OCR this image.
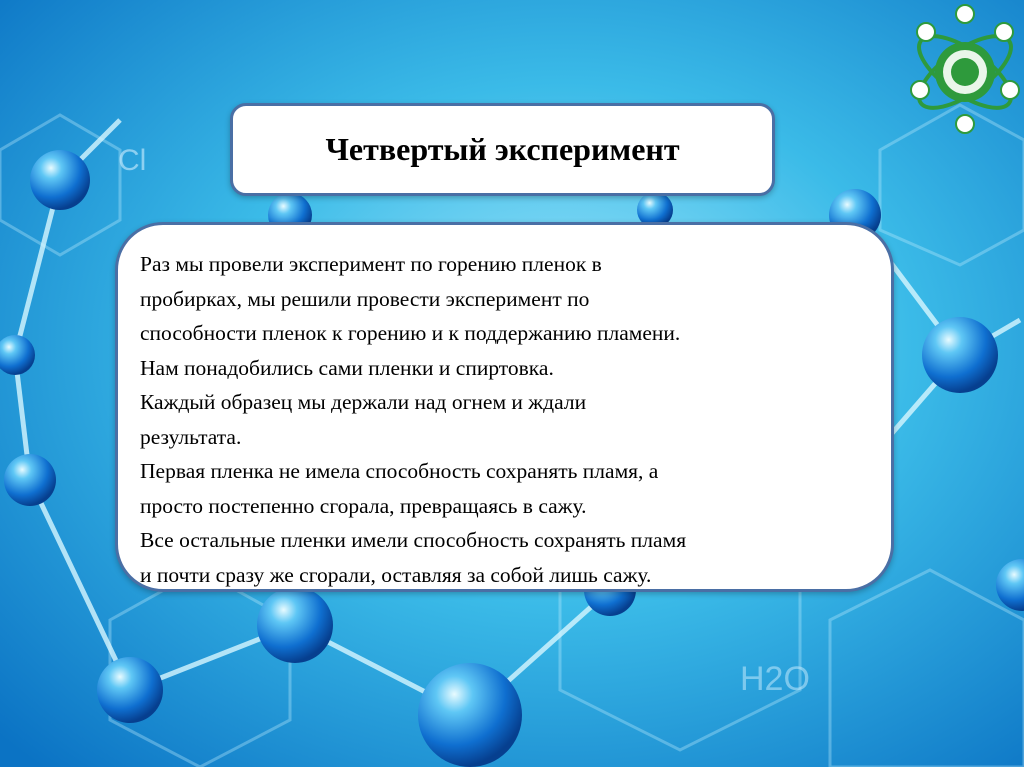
Cl
H2O
Четвертый эксперимент

Раз мы провели эксперимент по горению пленок в

пробирках, мы решили провести эксперимент по

способности пленок к горению и к поддержанию пламени.

Нам понадобились сами пленки и спиртовка.

Каждый образец мы держали над огнем и ждали

результата.

Первая пленка не имела способность сохранять пламя, а

просто постепенно сгорала, превращаясь в сажу.

Все остальные пленки имели способность сохранять пламя

и почти сразу же сгорали, оставляя за собой лишь сажу.
